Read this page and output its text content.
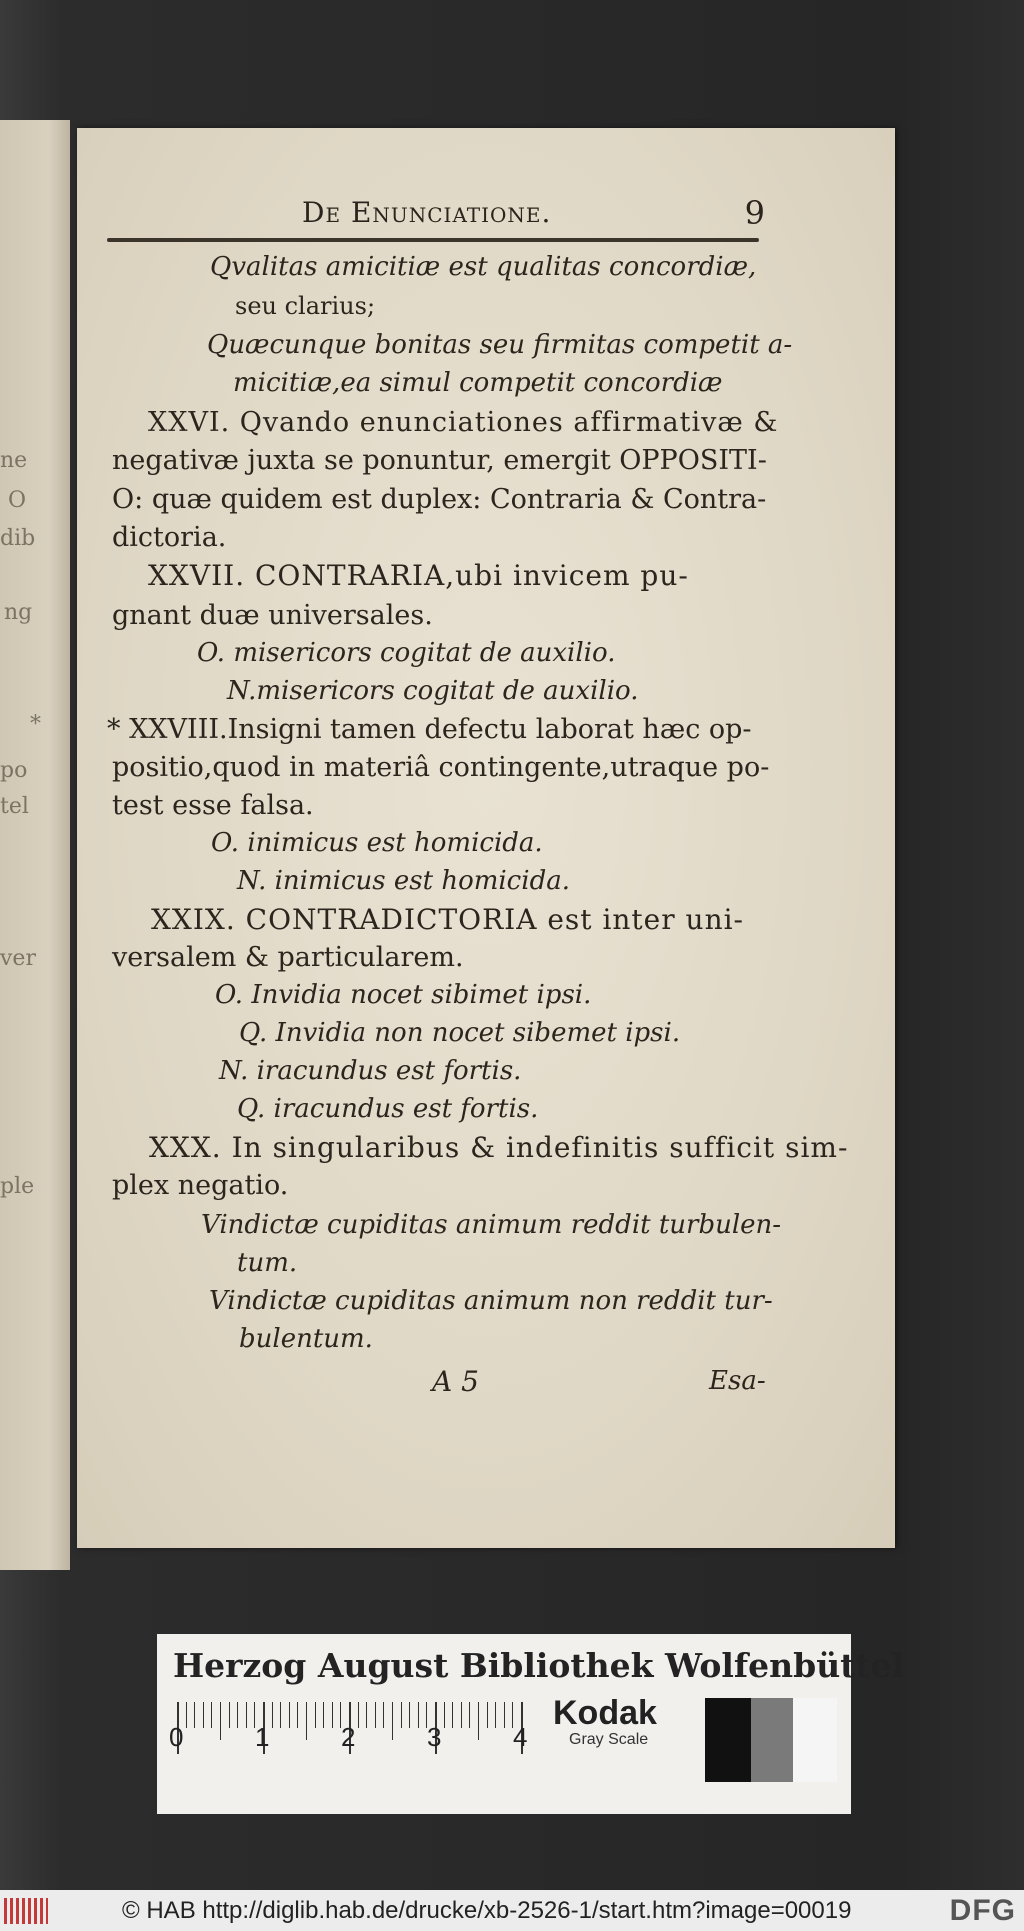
ne
O
dib
ng
*
po
tel
ver
ple
De Enunciatione.	9
Qvalitas amicitiæ est qualitas concordiæ,
seu clarius;
Quæcunque bonitas seu firmitas competit a-
micitiæ,ea simul competit concordiæ
XXVI. Qvando enunciationes affirmativæ &
negativæ juxta se ponuntur, emergit OPPOSITI-
O: quæ quidem est duplex: Contraria & Contra-
dictoria.
XXVII. CONTRARIA,ubi invicem pu-
gnant duæ universales.
O. misericors cogitat de auxilio.
N.misericors cogitat de auxilio.
* XXVIII.Insigni tamen defectu laborat hæc op-
positio,quod in materiâ contingente,utraque po-
test esse falsa.
O. inimicus est homicida.
N. inimicus est homicida.
XXIX. CONTRADICTORIA est inter uni-
versalem & particularem.
O. Invidia nocet sibimet ipsi.
Q. Invidia non nocet sibemet ipsi.
N. iracundus est fortis.
Q. iracundus est fortis.
XXX. In singularibus & indefinitis sufficit sim-
plex negatio.
Vindictæ cupiditas animum reddit turbulen-
tum.
Vindictæ cupiditas animum non reddit tur-
bulentum.
A 5	Esa-
Herzog August Bibliothek Wolfenbüttel
0	1	2	3	4
Kodak
Gray Scale
© HAB http://diglib.hab.de/drucke/xb-2526-1/start.htm?image=00019	DFG
